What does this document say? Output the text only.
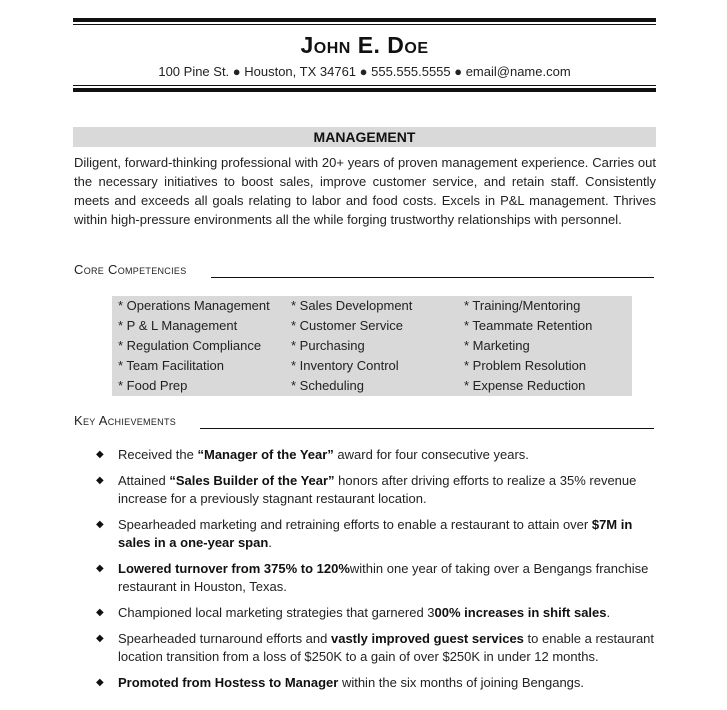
John E. Doe
100 Pine St. ● Houston, TX 34761 ● 555.555.5555 ● email@name.com
MANAGEMENT
Diligent, forward-thinking professional with 20+ years of proven management experience. Carries out the necessary initiatives to boost sales, improve customer service, and retain staff. Consistently meets and exceeds all goals relating to labor and food costs. Excels in P&L management. Thrives within high-pressure environments all the while forging trustworthy relationships with personnel.
Core Competencies
* Operations Management
* P & L Management
* Regulation Compliance
* Team Facilitation
* Food Prep
* Sales Development
* Customer Service
* Purchasing
* Inventory Control
* Scheduling
* Training/Mentoring
* Teammate Retention
* Marketing
* Problem Resolution
* Expense Reduction
Key Achievements
◆ Received the “Manager of the Year” award for four consecutive years.
◆ Attained “Sales Builder of the Year” honors after driving efforts to realize a 35% revenue increase for a previously stagnant restaurant location.
◆ Spearheaded marketing and retraining efforts to enable a restaurant to attain over $7M in sales in a one-year span.
◆ Lowered turnover from 375% to 120%within one year of taking over a Bengangs franchise restaurant in Houston, Texas.
◆ Championed local marketing strategies that garnered 300% increases in shift sales.
◆ Spearheaded turnaround efforts and vastly improved guest services to enable a restaurant location transition from a loss of $250K to a gain of over $250K in under 12 months.
◆ Promoted from Hostess to Manager within the six months of joining Bengangs.
